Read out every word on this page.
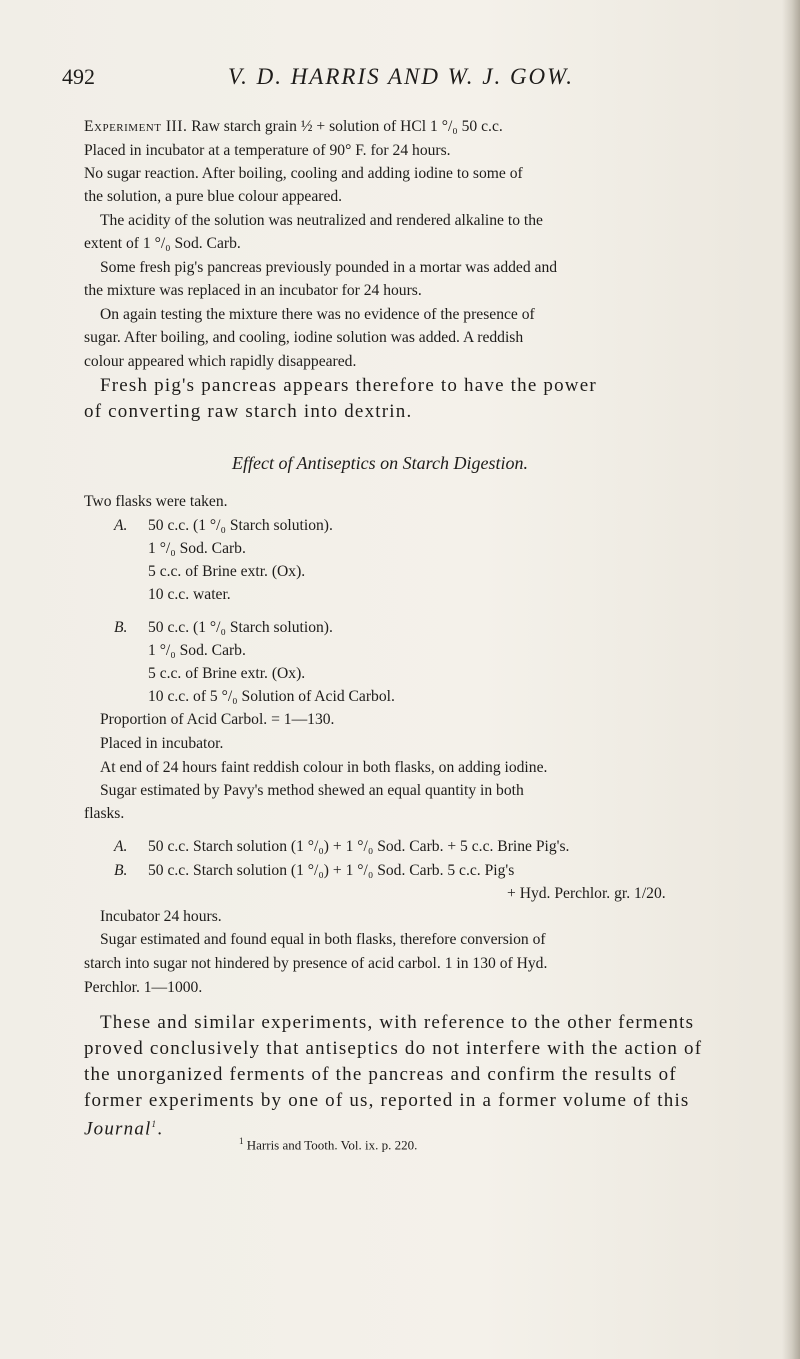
492	V. D. HARRIS AND W. J. GOW.
Experiment III. Raw starch grain ½ + solution of HCl 1 °/₀ 50 c.c.
Placed in incubator at a temperature of 90° F. for 24 hours.
No sugar reaction. After boiling, cooling and adding iodine to some of
the solution, a pure blue colour appeared.
The acidity of the solution was neutralized and rendered alkaline to the
extent of 1 °/₀ Sod. Carb.
Some fresh pig's pancreas previously pounded in a mortar was added and
the mixture was replaced in an incubator for 24 hours.
On again testing the mixture there was no evidence of the presence of
sugar. After boiling, and cooling, iodine solution was added. A reddish
colour appeared which rapidly disappeared.
Fresh pig's pancreas appears therefore to have the power
of converting raw starch into dextrin.
Effect of Antiseptics on Starch Digestion.
Two flasks were taken.
A.	50 c.c. (1 °/₀ Starch solution).
1 °/₀ Sod. Carb.
5 c.c. of Brine extr. (Ox).
10 c.c. water.
B.	50 c.c. (1 °/₀ Starch solution).
1 °/₀ Sod. Carb.
5 c.c. of Brine extr. (Ox).
10 c.c. of 5 °/₀ Solution of Acid Carbol.
Proportion of Acid Carbol. = 1—130.
Placed in incubator.
At end of 24 hours faint reddish colour in both flasks, on adding iodine.
Sugar estimated by Pavy's method shewed an equal quantity in both
flasks.
A.	50 c.c. Starch solution (1 °/₀) + 1 °/₀ Sod. Carb. + 5 c.c. Brine Pig's.
B.	50 c.c. Starch solution (1 °/₀) + 1 °/₀ Sod. Carb. 5 c.c. Pig's
+ Hyd. Perchlor. gr. 1/20.
Incubator 24 hours.
Sugar estimated and found equal in both flasks, therefore conversion of
starch into sugar not hindered by presence of acid carbol. 1 in 130 of Hyd.
Perchlor. 1—1000.
These and similar experiments, with reference to the other ferments
proved conclusively that antiseptics do not interfere with the action of
the unorganized ferments of the pancreas and confirm the results of
former experiments by one of us, reported in a former volume of this
Journal$^1$.
$^1$ Harris and Tooth. Vol. ix. p. 220.
